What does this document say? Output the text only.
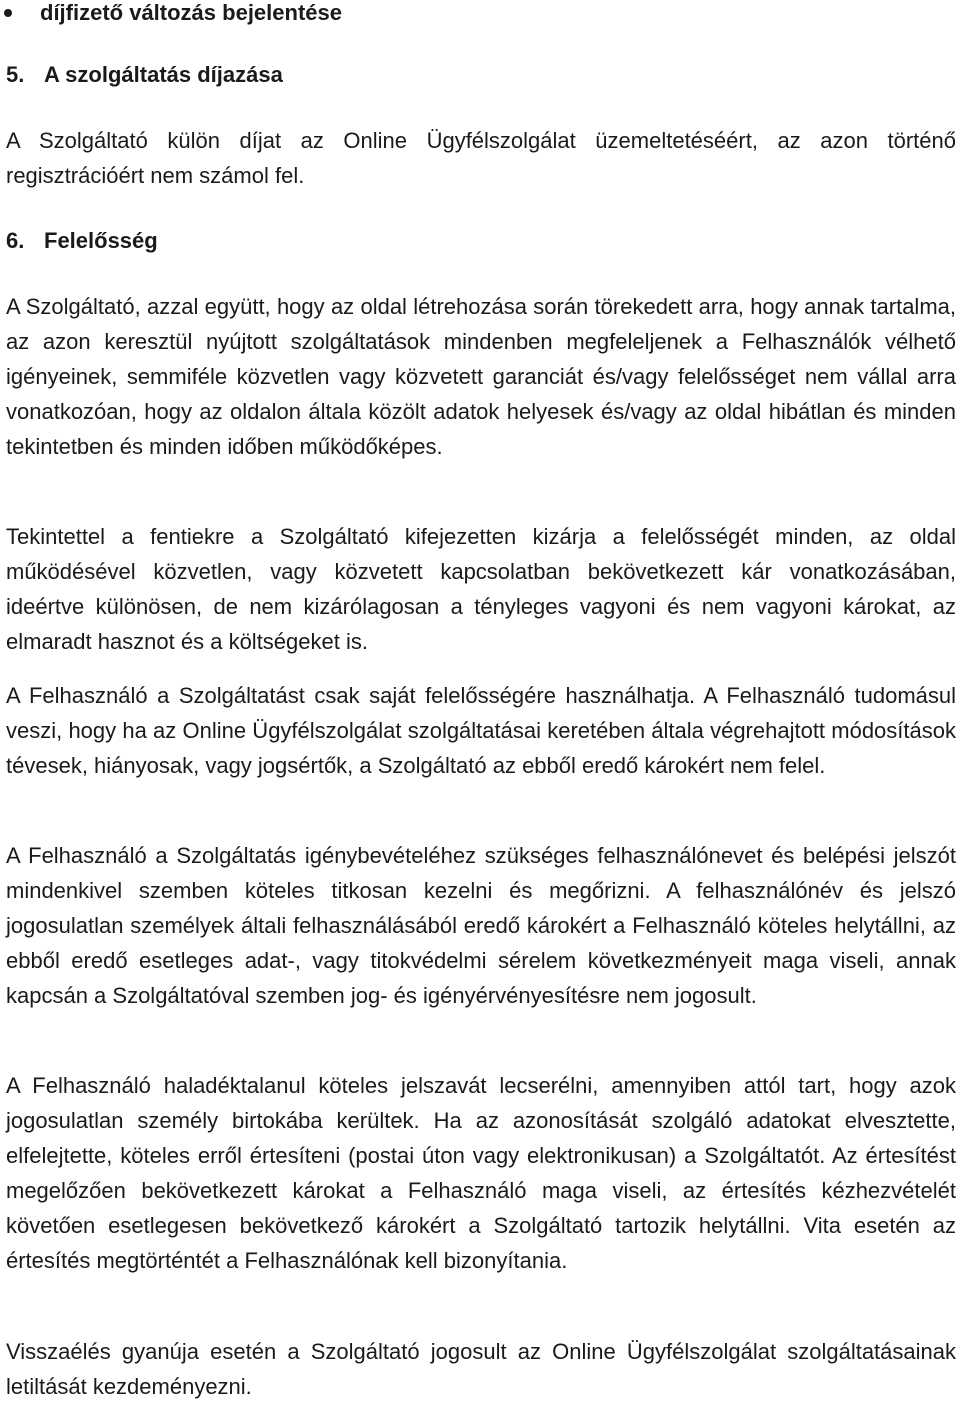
díjfizető változás bejelentése
5. A szolgáltatás díjazása
A Szolgáltató külön díjat az Online Ügyfélszolgálat üzemeltetéséért, az azon történő regisztrációért nem számol fel.
6. Felelősség
A Szolgáltató, azzal együtt, hogy az oldal létrehozása során törekedett arra, hogy annak tartalma, az azon keresztül nyújtott szolgáltatások mindenben megfeleljenek a Felhasználók vélhető igényeinek, semmiféle közvetlen vagy közvetett garanciát és/vagy felelősséget nem vállal arra vonatkozóan, hogy az oldalon általa közölt adatok helyesek és/vagy az oldal hibátlan és minden tekintetben és minden időben működőképes.
Tekintettel a fentiekre a Szolgáltató kifejezetten kizárja a felelősségét minden, az oldal működésével közvetlen, vagy közvetett kapcsolatban bekövetkezett kár vonatkozásában, ideértve különösen, de nem kizárólagosan a tényleges vagyoni és nem vagyoni károkat, az elmaradt hasznot és a költségeket is.
A Felhasználó a Szolgáltatást csak saját felelősségére használhatja. A Felhasználó tudomásul veszi, hogy ha az Online Ügyfélszolgálat szolgáltatásai keretében általa végrehajtott módosítások tévesek, hiányosak, vagy jogsértők, a Szolgáltató az ebből eredő károkért nem felel.
A Felhasználó a Szolgáltatás igénybevételéhez szükséges felhasználónevet és belépési jelszót mindenkivel szemben köteles titkosan kezelni és megőrizni. A felhasználónév és jelszó jogosulatlan személyek általi felhasználásából eredő károkért a Felhasználó köteles helytállni, az ebből eredő esetleges adat-, vagy titokvédelmi sérelem következményeit maga viseli, annak kapcsán a Szolgáltatóval szemben jog- és igényérvényesítésre nem jogosult.
A Felhasználó haladéktalanul köteles jelszavát lecserélni, amennyiben attól tart, hogy azok jogosulatlan személy birtokába kerültek. Ha az azonosítását szolgáló adatokat elvesztette, elfelejtette, köteles erről értesíteni (postai úton vagy elektronikusan) a Szolgáltatót. Az értesítést megelőzően bekövetkezett károkat a Felhasználó maga viseli, az értesítés kézhezvételét követően esetlegesen bekövetkező károkért a Szolgáltató tartozik helytállni. Vita esetén az értesítés megtörténtét a Felhasználónak kell bizonyítania.
Visszaélés gyanúja esetén a Szolgáltató jogosult az Online Ügyfélszolgálat szolgáltatásainak letiltását kezdeményezni.
